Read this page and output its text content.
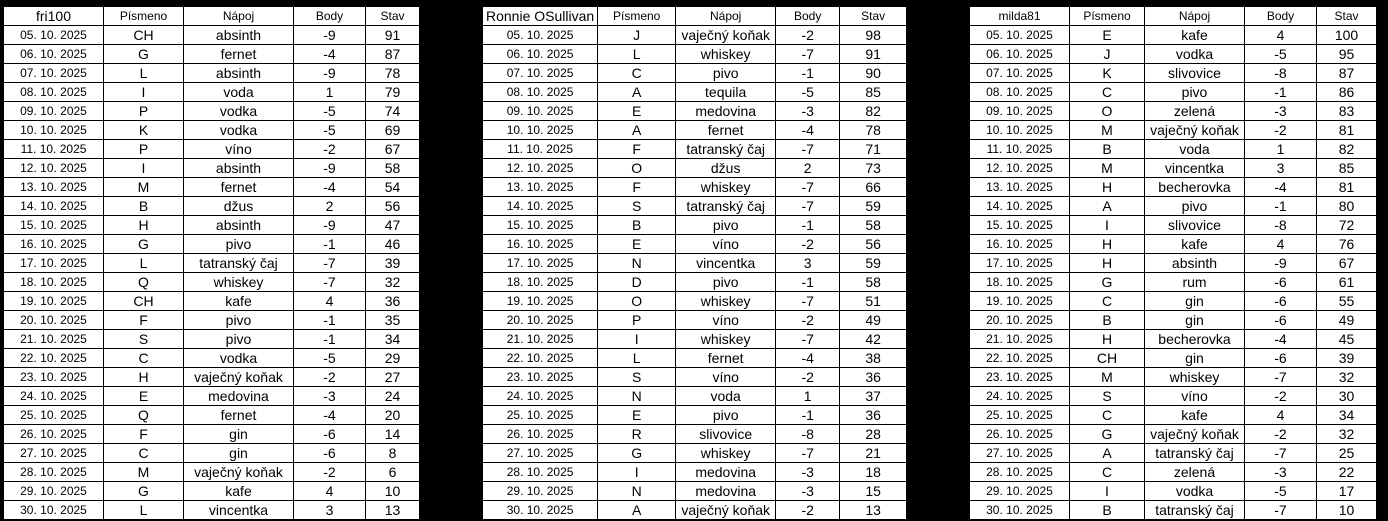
fri100	Písmeno	Nápoj	Body	Stav
05. 10. 2025	CH	absinth	-9	91
06. 10. 2025	G	fernet	-4	87
07. 10. 2025	L	absinth	-9	78
08. 10. 2025	I	voda	1	79
09. 10. 2025	P	vodka	-5	74
10. 10. 2025	K	vodka	-5	69
11. 10. 2025	P	víno	-2	67
12. 10. 2025	I	absinth	-9	58
13. 10. 2025	M	fernet	-4	54
14. 10. 2025	B	džus	2	56
15. 10. 2025	H	absinth	-9	47
16. 10. 2025	G	pivo	-1	46
17. 10. 2025	L	tatranský čaj	-7	39
18. 10. 2025	Q	whiskey	-7	32
19. 10. 2025	CH	kafe	4	36
20. 10. 2025	F	pivo	-1	35
21. 10. 2025	S	pivo	-1	34
22. 10. 2025	C	vodka	-5	29
23. 10. 2025	H	vaječný koňak	-2	27
24. 10. 2025	E	medovina	-3	24
25. 10. 2025	Q	fernet	-4	20
26. 10. 2025	F	gin	-6	14
27. 10. 2025	C	gin	-6	8
28. 10. 2025	M	vaječný koňak	-2	6
29. 10. 2025	G	kafe	4	10
30. 10. 2025	L	vincentka	3	13
Ronnie OSullivan	Písmeno	Nápoj	Body	Stav
05. 10. 2025	J	vaječný koňak	-2	98
06. 10. 2025	L	whiskey	-7	91
07. 10. 2025	C	pivo	-1	90
08. 10. 2025	A	tequila	-5	85
09. 10. 2025	E	medovina	-3	82
10. 10. 2025	A	fernet	-4	78
11. 10. 2025	F	tatranský čaj	-7	71
12. 10. 2025	O	džus	2	73
13. 10. 2025	F	whiskey	-7	66
14. 10. 2025	S	tatranský čaj	-7	59
15. 10. 2025	B	pivo	-1	58
16. 10. 2025	E	víno	-2	56
17. 10. 2025	N	vincentka	3	59
18. 10. 2025	D	pivo	-1	58
19. 10. 2025	O	whiskey	-7	51
20. 10. 2025	P	víno	-2	49
21. 10. 2025	I	whiskey	-7	42
22. 10. 2025	L	fernet	-4	38
23. 10. 2025	S	víno	-2	36
24. 10. 2025	N	voda	1	37
25. 10. 2025	E	pivo	-1	36
26. 10. 2025	R	slivovice	-8	28
27. 10. 2025	G	whiskey	-7	21
28. 10. 2025	I	medovina	-3	18
29. 10. 2025	N	medovina	-3	15
30. 10. 2025	A	vaječný koňak	-2	13
milda81	Písmeno	Nápoj	Body	Stav
05. 10. 2025	E	kafe	4	100
06. 10. 2025	J	vodka	-5	95
07. 10. 2025	K	slivovice	-8	87
08. 10. 2025	C	pivo	-1	86
09. 10. 2025	O	zelená	-3	83
10. 10. 2025	M	vaječný koňak	-2	81
11. 10. 2025	B	voda	1	82
12. 10. 2025	M	vincentka	3	85
13. 10. 2025	H	becherovka	-4	81
14. 10. 2025	A	pivo	-1	80
15. 10. 2025	I	slivovice	-8	72
16. 10. 2025	H	kafe	4	76
17. 10. 2025	H	absinth	-9	67
18. 10. 2025	G	rum	-6	61
19. 10. 2025	C	gin	-6	55
20. 10. 2025	B	gin	-6	49
21. 10. 2025	H	becherovka	-4	45
22. 10. 2025	CH	gin	-6	39
23. 10. 2025	M	whiskey	-7	32
24. 10. 2025	S	víno	-2	30
25. 10. 2025	C	kafe	4	34
26. 10. 2025	G	vaječný koňak	-2	32
27. 10. 2025	A	tatranský čaj	-7	25
28. 10. 2025	C	zelená	-3	22
29. 10. 2025	I	vodka	-5	17
30. 10. 2025	B	tatranský čaj	-7	10
